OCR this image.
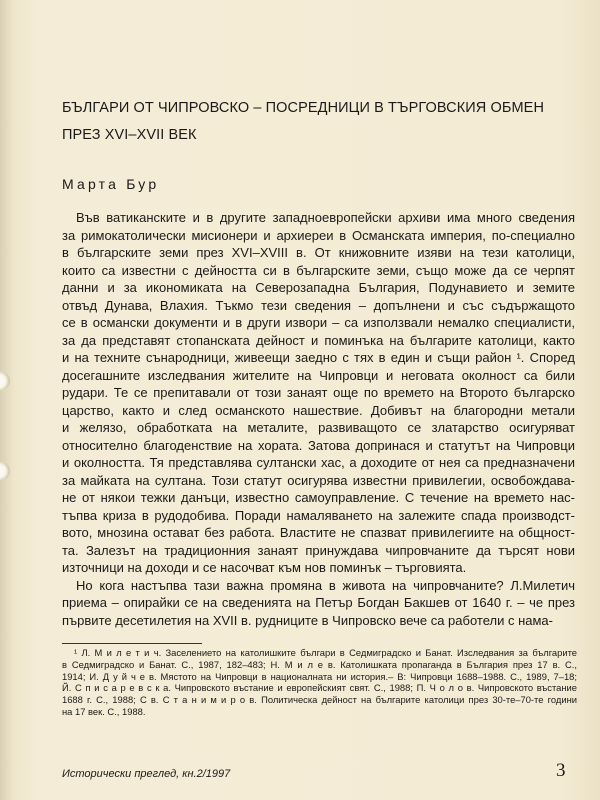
БЪЛГАРИ ОТ ЧИПРОВСКО – ПОСРЕДНИЦИ В ТЪРГОВСКИЯ ОБМЕН
ПРЕЗ XVI–XVII ВЕК
Марта Бур
Във ватиканските и в другите западноевропейски архиви има много сведения
за римокатолически мисионери и архиереи в Османската империя, по-специално
в българските земи през XVI–XVIII в. От книжовните изяви на тези католици,
които са известни с дейността си в българските земи, също може да се черпят
данни и за икономиката на Северозападна България, Подунавието и земите
отвъд Дунава, Влахия. Тъкмо тези сведения – допълнени и със съдържащото
се в османски документи и в други извори – са използвали немалко специалисти,
за да представят стопанската дейност и поминъка на българите католици, както
и на техните сънародници, живеещи заедно с тях в един и същи район ¹. Според
досегашните изследвания жителите на Чипровци и неговата околност са били
рудари. Те се препитавали от този занаят още по времето на Второто българско
царство, както и след османското нашествие. Добивът на благородни метали
и желязо, обработката на металите, развиващото се златарство осигуряват
относително благоденствие на хората. Затова допринася и статутът на Чипровци
и околността. Тя представлява султански хас, а доходите от нея са предназначени
за майката на султана. Този статут осигурява известни привилегии, освобождава-
не от някои тежки данъци, известно самоуправление. С течение на времето нас-
тъпва криза в рудодобива. Поради намаляването на залежите спада производст-
вото, мнозина остават без работа. Властите не спазват привилегиите на общност-
та. Залезът на традиционния занаят принуждава чипровчаните да търсят нови
източници на доходи и се насочват към нов поминък – търговията.
Но кога настъпва тази важна промяна в живота на чипровчаните? Л.Милетич
приема – опирайки се на сведенията на Петър Богдан Бакшев от 1640 г. – че през
първите десетилетия на XVII в. рудниците в Чипровско вече са работели с нама-
¹ Л. М и л е т и ч. Заселението на католишките българи в Седмиградско и Банат. Изследвания за българите
в Седмиградско и Банат. С., 1987, 182–483; Н. М и л е в. Католишката пропаганда в България през 17 в. С.,
1914; И. Д у й ч е в. Мястото на Чипровци в националната ни история.– В: Чипровци 1688–1988. С., 1989, 7–18;
Й. С п и с а р е в с к а. Чипровското въстание и европейският свят. С., 1988; П. Ч о л о в. Чипровското въстание
1688 г. С., 1988; С в. С т а н и м и р о в. Политическа дейност на българите католици през 30-те–70-те години
на 17 век. С., 1988.
Исторически преглед, кн.2/1997	3
